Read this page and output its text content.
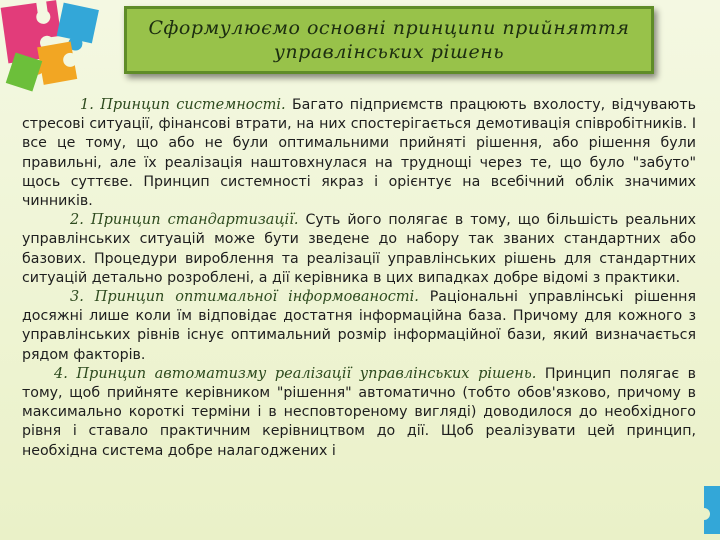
Сформулюємо основні принципи прийняття
управлінських рішень

1. Принцип системності. Багато підприємств працюють вхолосту, відчувають стресові ситуації, фінансові втрати, на них спостерігається демотивація співробітників. І все це тому, що або не були оптимальними прийняті рішення, або рішення були правильні, але їх реалізація наштовхнулася на труднощі через те, що було "забуто" щось суттєве. Принцип системності якраз і орієнтує на всебічний облік значимих чинників.

2. Принцип стандартизації. Суть його полягає в тому, що більшість реальних управлінських ситуацій може бути зведене до набору так званих стандартних або базових. Процедури вироблення та реалізації управлінських рішень для стандартних ситуацій детально розроблені, а дії керівника в цих випадках добре відомі з практики.

3. Принцип оптимальної інформованості. Раціональні управлінські рішення досяжні лише коли їм відповідає достатня інформаційна база. Причому для кожного з управлінських рівнів існує оптимальний розмір інформаційної бази, який визначається рядом факторів.

4. Принцип автоматизму реалізації управлінських рішень. Принцип полягає в тому, щоб прийняте керівником "рішення" автоматично (тобто обов'язково, причому в максимально короткі терміни і в несповтореному вигляді) доводилося до необхідного рівня і ставало практичним керівництвом до дії. Щоб реалізувати цей принцип, необхідна система добре налагоджених і
